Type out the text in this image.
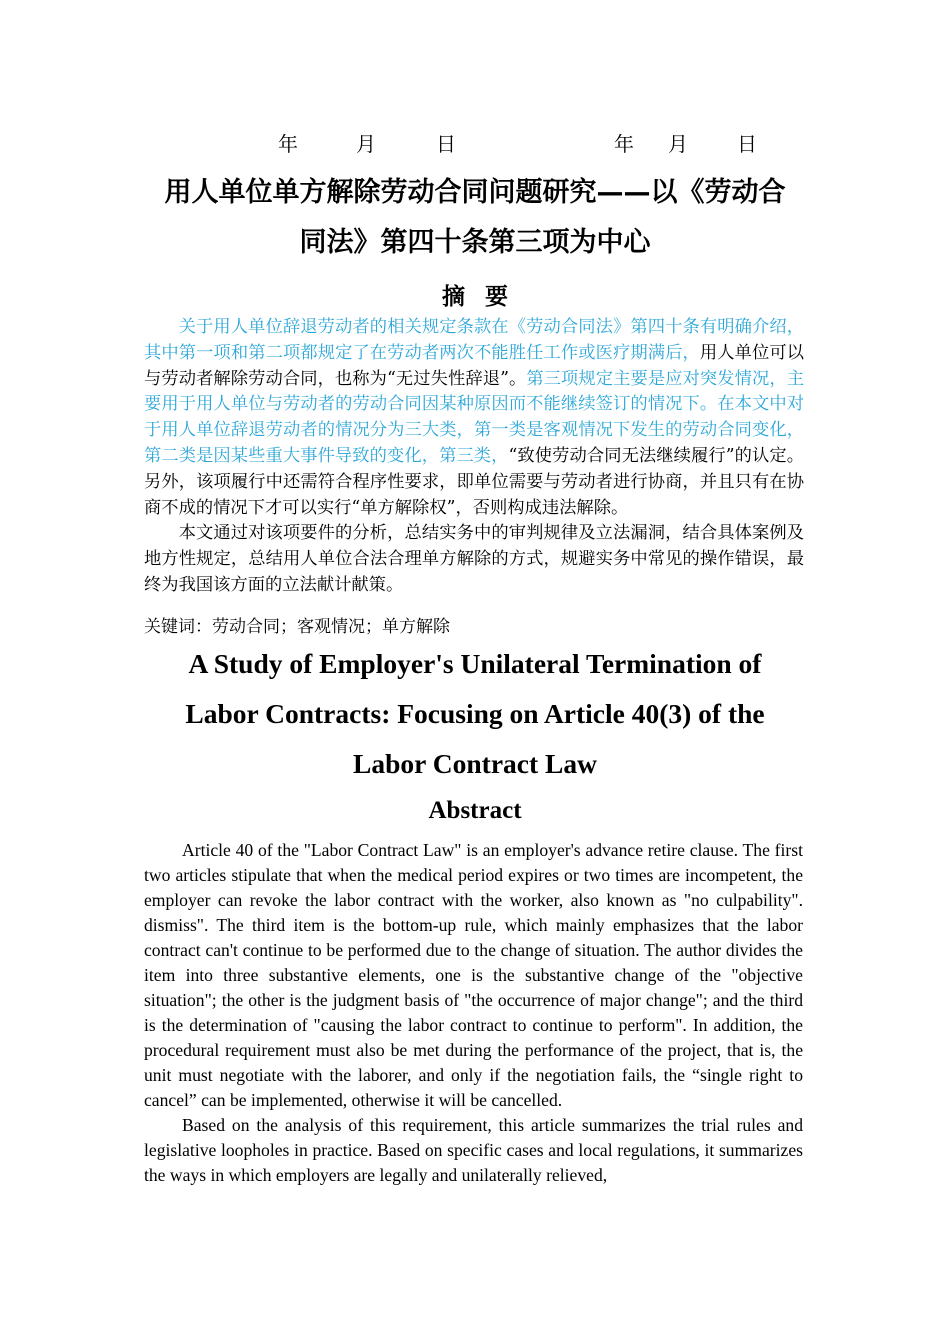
年	月	日	年 月 日
用人单位单方解除劳动合同问题研究——以《劳动合
同法》第四十条第三项为中心
摘要

关于用人单位辞退劳动者的相关规定条款在《劳动合同法》第四十条有明确介绍，其中第一项和第二项都规定了在劳动者两次不能胜任工作或医疗期满后，用人单位可以与劳动者解除劳动合同，也称为“无过失性辞退”。第三项规定主要是应对突发情况，主要用于用人单位与劳动者的劳动合同因某种原因而不能继续签订的情况下。在本文中对于用人单位辞退劳动者的情况分为三大类，第一类是客观情况下发生的劳动合同变化，第二类是因某些重大事件导致的变化，第三类，“致使劳动合同无法继续履行”的认定。另外，该项履行中还需符合程序性要求，即单位需要与劳动者进行协商，并且只有在协商不成的情况下才可以实行“单方解除权”，否则构成违法解除。

本文通过对该项要件的分析，总结实务中的审判规律及立法漏洞，结合具体案例及地方性规定，总结用人单位合法合理单方解除的方式，规避实务中常见的操作错误，最终为我国该方面的立法献计献策。

关键词：劳动合同；客观情况；单方解除
A Study of Employer's Unilateral Termination of
Labor Contracts: Focusing on Article 40(3) of the
Labor Contract Law
Abstract

Article 40 of the "Labor Contract Law" is an employer's advance retire clause. The first two articles stipulate that when the medical period expires or two times are incompetent, the employer can revoke the labor contract with the worker, also known as "no culpability". dismiss". The third item is the bottom-up rule, which mainly emphasizes that the labor contract can't continue to be performed due to the change of situation. The author divides the item into three substantive elements, one is the substantive change of the "objective situation"; the other is the judgment basis of "the occurrence of major change"; and the third is the determination of "causing the labor contract to continue to perform". In addition, the procedural requirement must also be met during the performance of the project, that is, the unit must negotiate with the laborer, and only if the negotiation fails, the “single right to cancel” can be implemented, otherwise it will be cancelled.

Based on the analysis of this requirement, this article summarizes the trial rules and legislative loopholes in practice. Based on specific cases and local regulations, it summarizes the ways in which employers are legally and unilaterally relieved,
